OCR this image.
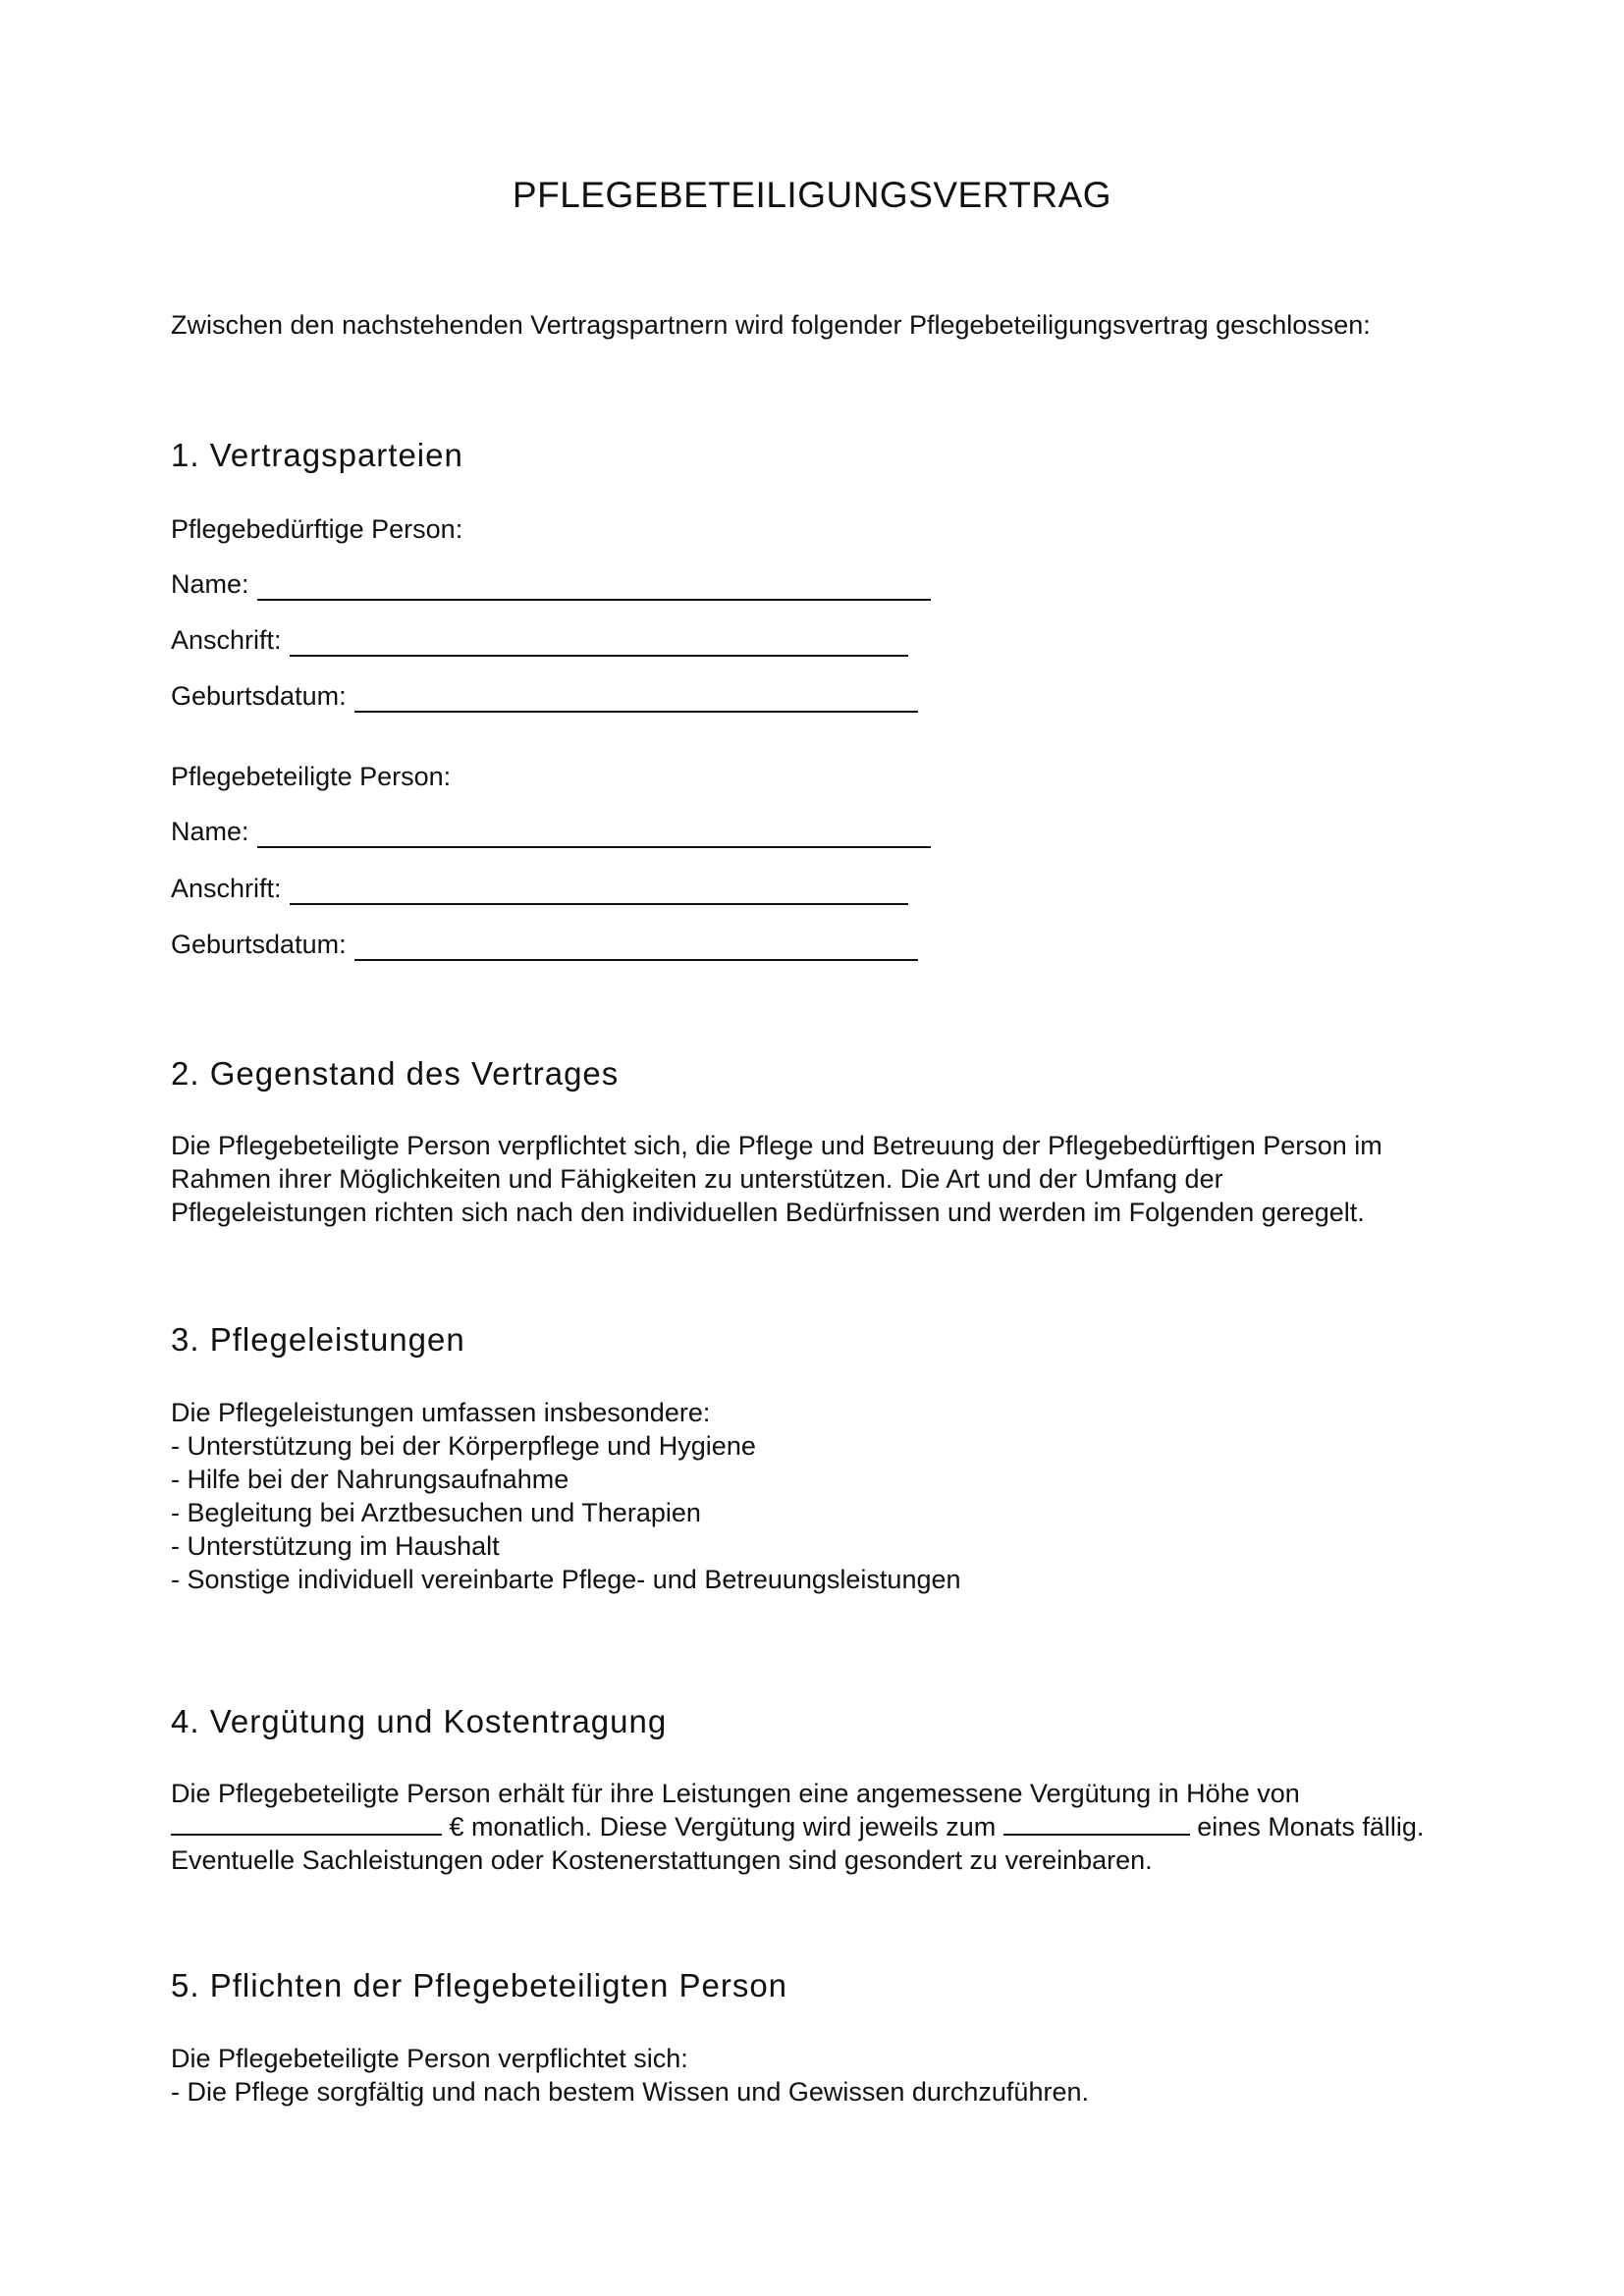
PFLEGEBETEILIGUNGSVERTRAG
Zwischen den nachstehenden Vertragspartnern wird folgender Pflegebeteiligungsvertrag geschlossen:
1. Vertragsparteien
Pflegebedürftige Person:
Name:
Anschrift:
Geburtsdatum:
Pflegebeteiligte Person:
Name:
Anschrift:
Geburtsdatum:
2. Gegenstand des Vertrages
Die Pflegebeteiligte Person verpflichtet sich, die Pflege und Betreuung der Pflegebedürftigen Person im
Rahmen ihrer Möglichkeiten und Fähigkeiten zu unterstützen. Die Art und der Umfang der
Pflegeleistungen richten sich nach den individuellen Bedürfnissen und werden im Folgenden geregelt.
3. Pflegeleistungen
Die Pflegeleistungen umfassen insbesondere:
- Unterstützung bei der Körperpflege und Hygiene
- Hilfe bei der Nahrungsaufnahme
- Begleitung bei Arztbesuchen und Therapien
- Unterstützung im Haushalt
- Sonstige individuell vereinbarte Pflege- und Betreuungsleistungen
4. Vergütung und Kostentragung
Die Pflegebeteiligte Person erhält für ihre Leistungen eine angemessene Vergütung in Höhe von
€ monatlich. Diese Vergütung wird jeweils zum	eines Monats fällig.
Eventuelle Sachleistungen oder Kostenerstattungen sind gesondert zu vereinbaren.
5. Pflichten der Pflegebeteiligten Person
Die Pflegebeteiligte Person verpflichtet sich:
- Die Pflege sorgfältig und nach bestem Wissen und Gewissen durchzuführen.
